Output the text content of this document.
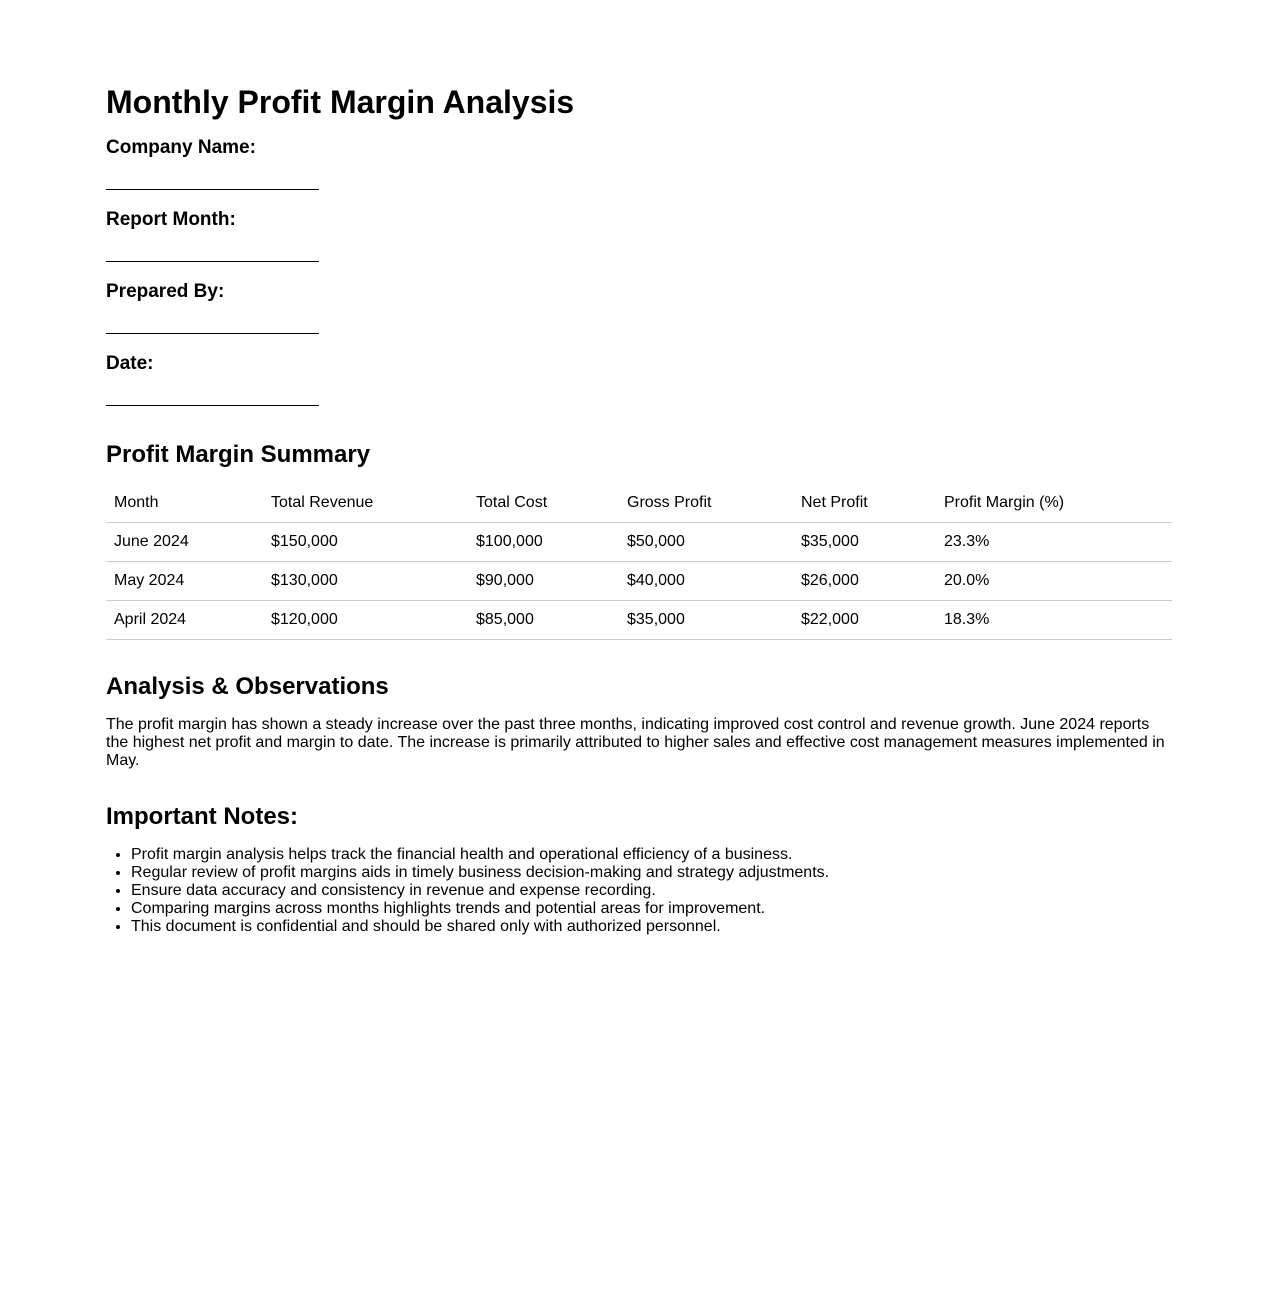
Monthly Profit Margin Analysis
Company Name:
Report Month:
Prepared By:
Date:
Profit Margin Summary
Month	Total Revenue	Total Cost	Gross Profit	Net Profit	Profit Margin (%)
June 2024	$150,000	$100,000	$50,000	$35,000	23.3%
May 2024	$130,000	$90,000	$40,000	$26,000	20.0%
April 2024	$120,000	$85,000	$35,000	$22,000	18.3%
Analysis & Observations

The profit margin has shown a steady increase over the past three months, indicating improved cost control and revenue growth. June 2024 reports the highest net profit and margin to date. The increase is primarily attributed to higher sales and effective cost management measures implemented in May.

Important Notes:
• Profit margin analysis helps track the financial health and operational efficiency of a business.
• Regular review of profit margins aids in timely business decision-making and strategy adjustments.
• Ensure data accuracy and consistency in revenue and expense recording.
• Comparing margins across months highlights trends and potential areas for improvement.
• This document is confidential and should be shared only with authorized personnel.
